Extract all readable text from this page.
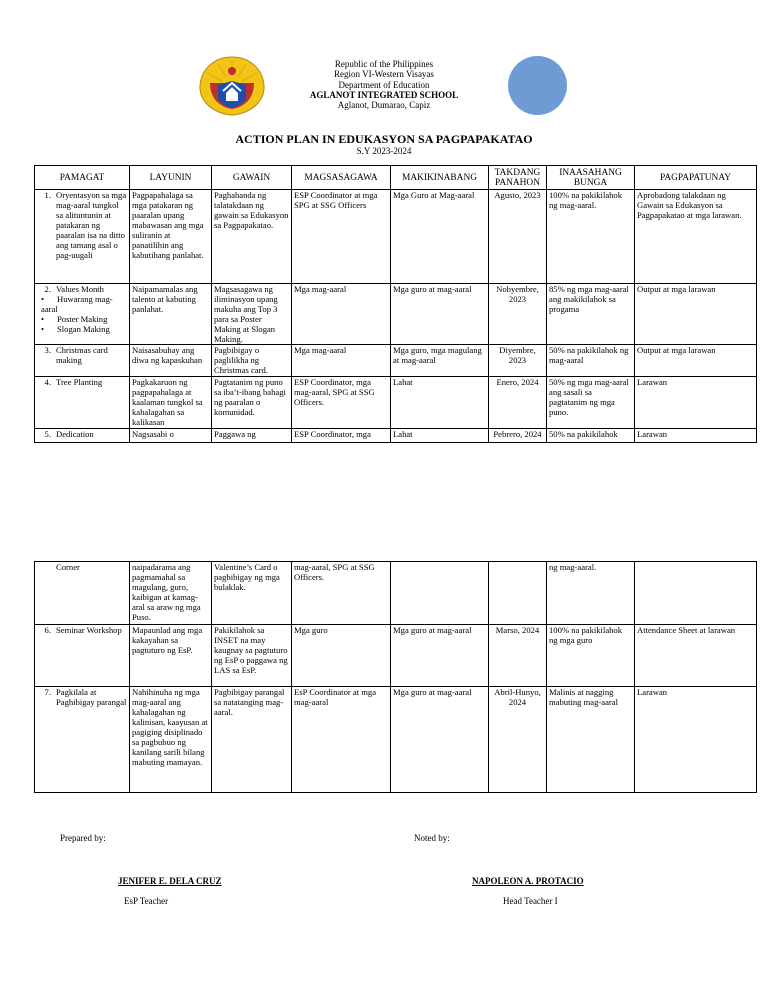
Republic of the Philippines
Region VI-Western Visayas
Department of Education
AGLANOT INTEGRATED SCHOOL
Aglanot, Dumarao, Capiz
ACTION PLAN IN EDUKASYON SA PAGPAPAKATAO
S.Y 2023-2024
PAMAGAT	LAYUNIN	GAWAIN	MAGSASAGAWA	MAKIKINABANG	TAKDANG PANAHON	INAASAHANG BUNGA	PAGPAPATUNAY

1. Oryentasyon sa mga mag-aaral tungkol sa alituntunin at patakaran ng paaralan isa na ditto ang tamang asal o pag-uugali	Pagpapahalaga sa mga patakaran ng paaralan upang mabawasan ang mga suliranin at panatilihin ang kabutihang panlahat.	Paghahanda ng talatakdaan ng gawain sa Edukasyon sa Pagpapakatao.	ESP Coordinator at mga SPG at SSG Officers	Mga Guro at Mag-aaral	Agusto, 2023	100% na pakikilahok ng mag-aaral.	Aprobadong talakdaan ng Gawain sa Edukasyon sa Pagpapakatao at mga larawan.

2. Values Month
• Huwarang mag-aaral
• Poster Making
• Slogan Making	Naipamamalas ang talento at kabuting panlahat.	Magsasagawa ng iliminasyon upang makuha ang Top 3 para sa Poster Making at Slogan Making.	Mga mag-aaral	Mga guro at mag-aaral	Nobyembre, 2023	85% ng mga mag-aaral ang makikilahok sa progama	Output at mga larawan

3. Christmas card making	Naisasabuhay ang diwa ng kapaskuhan	Pagbibigay o paglilikha ng Christmas card.	Mga mag-aaral	Mga guro, mga magulang at mag-aaral	Diyembre, 2023	50% na pakikilahok ng mag-aaral	Output at mga larawan

4. Tree Planting	Pagkakaruon ng pagpapahalaga at kaalaman tungkol sa kahalagahan sa kalikasan	Pagtatanim ng puno sa iba’t-ibang bahagi ng paaralan o komunidad.	ESP Coordinator, mga mag-aaral, SPG at SSG Officers.	Lahat	Enero, 2024	50% ng mga mag-aaral ang sasali sa pagtatanim ng mga puno.	Larawan

5. Dedication	Nagsasabi o	Paggawa ng	ESP Coordinator, mga	Lahat	Pebrero, 2024	50% na pakikilahok	Larawan
Corner	naipadarama ang pagmamahal sa magulang, guro, kaibigan at kamag-aral sa araw ng mga Puso.	Valentine’s Card o pagbibigay ng mga bulaklak.	mag-aaral, SPG at SSG Officers.			ng mag-aaral.	

6. Seminar Workshop	Mapaunlad ang mga kakayahan sa pagtuturo ng EsP.	Pakikilahok sa INSET na may kaugnay sa pagtuturo ng EsP o paggawa ng LAS sa EsP.	Mga guro	Mga guro at mag-aaral	Marso, 2024	100% na pakikilahok ng mga guro	Attendance Sheet at larawan

7. Pagkilala at Paghibigay parangal	Nahihinuha ng mga mag-aaral ang kahalagahan ng kalinisan, kaayusan at pagiging disiplinado sa pagbubuo ng kanilang sarili bilang mabuting mamayan.	Pagbibigay parangal sa natatanging mag-aaral.	EsP Coordinator at mga mag-aaral	Mga guro at mag-aaral	Abril-Hunyo, 2024	Malinis at nagging mabuting mag-aaral	Larawan
Prepared by:	Noted by:
JENIFER E. DELA CRUZ	NAPOLEON A. PROTACIO
EsP Teacher	Head Teacher I
